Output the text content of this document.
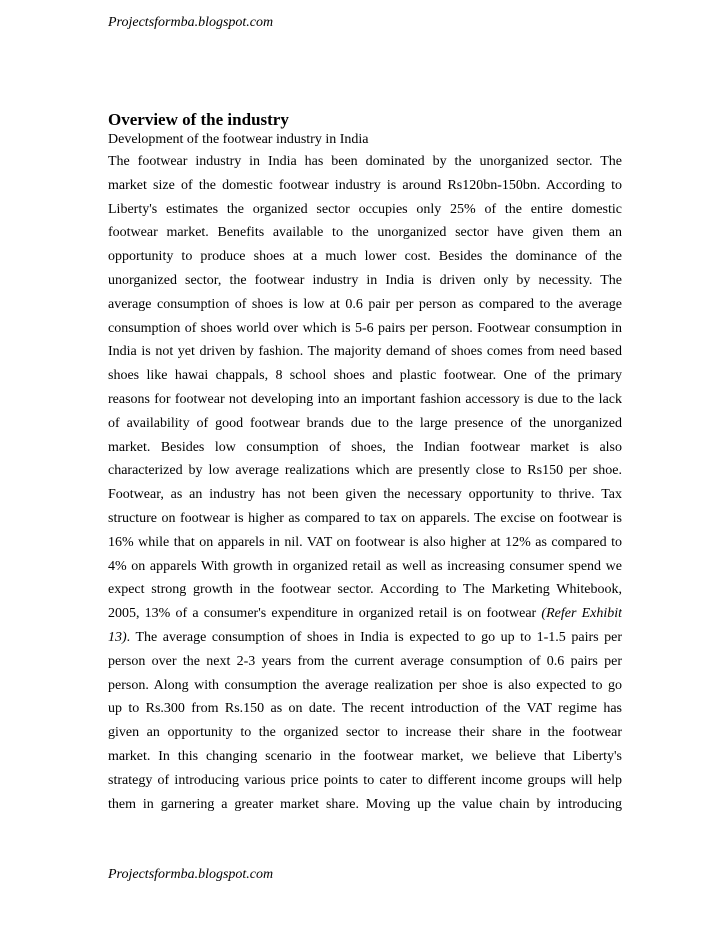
Projectsformba.blogspot.com
Overview of the industry
Development of the footwear industry in India
The footwear industry in India has been dominated by the unorganized sector. The
market size of the domestic footwear industry is around Rs120bn-150bn. According to
Liberty's estimates the organized sector occupies only 25% of the entire domestic
footwear market. Benefits available to the unorganized sector have given them an
opportunity to produce shoes at a much lower cost. Besides the dominance of the
unorganized sector, the footwear industry in India is driven only by necessity. The
average consumption of shoes is low at 0.6 pair per person as compared to the average
consumption of shoes world over which is 5-6 pairs per person. Footwear consumption in
India is not yet driven by fashion. The majority demand of shoes comes from need based
shoes like hawai chappals, 8 school shoes and plastic footwear. One of the primary
reasons for footwear not developing into an important fashion accessory is due to the lack
of availability of good footwear brands due to the large presence of the unorganized
market. Besides low consumption of shoes, the Indian footwear market is also
characterized by low average realizations which are presently close to Rs150 per shoe.
Footwear, as an industry has not been given the necessary opportunity to thrive. Tax
structure on footwear is higher as compared to tax on apparels. The excise on footwear is
16% while that on apparels in nil. VAT on footwear is also higher at 12% as compared to
4% on apparels With growth in organized retail as well as increasing consumer spend we
expect strong growth in the footwear sector. According to The Marketing Whitebook,
2005, 13% of a consumer's expenditure in organized retail is on footwear (Refer Exhibit
13). The average consumption of shoes in India is expected to go up to 1-1.5 pairs per
person over the next 2-3 years from the current average consumption of 0.6 pairs per
person. Along with consumption the average realization per shoe is also expected to go
up to Rs.300 from Rs.150 as on date. The recent introduction of the VAT regime has
given an opportunity to the organized sector to increase their share in the footwear
market. In this changing scenario in the footwear market, we believe that Liberty's
strategy of introducing various price points to cater to different income groups will help
them in garnering a greater market share. Moving up the value chain by introducing
Projectsformba.blogspot.com
